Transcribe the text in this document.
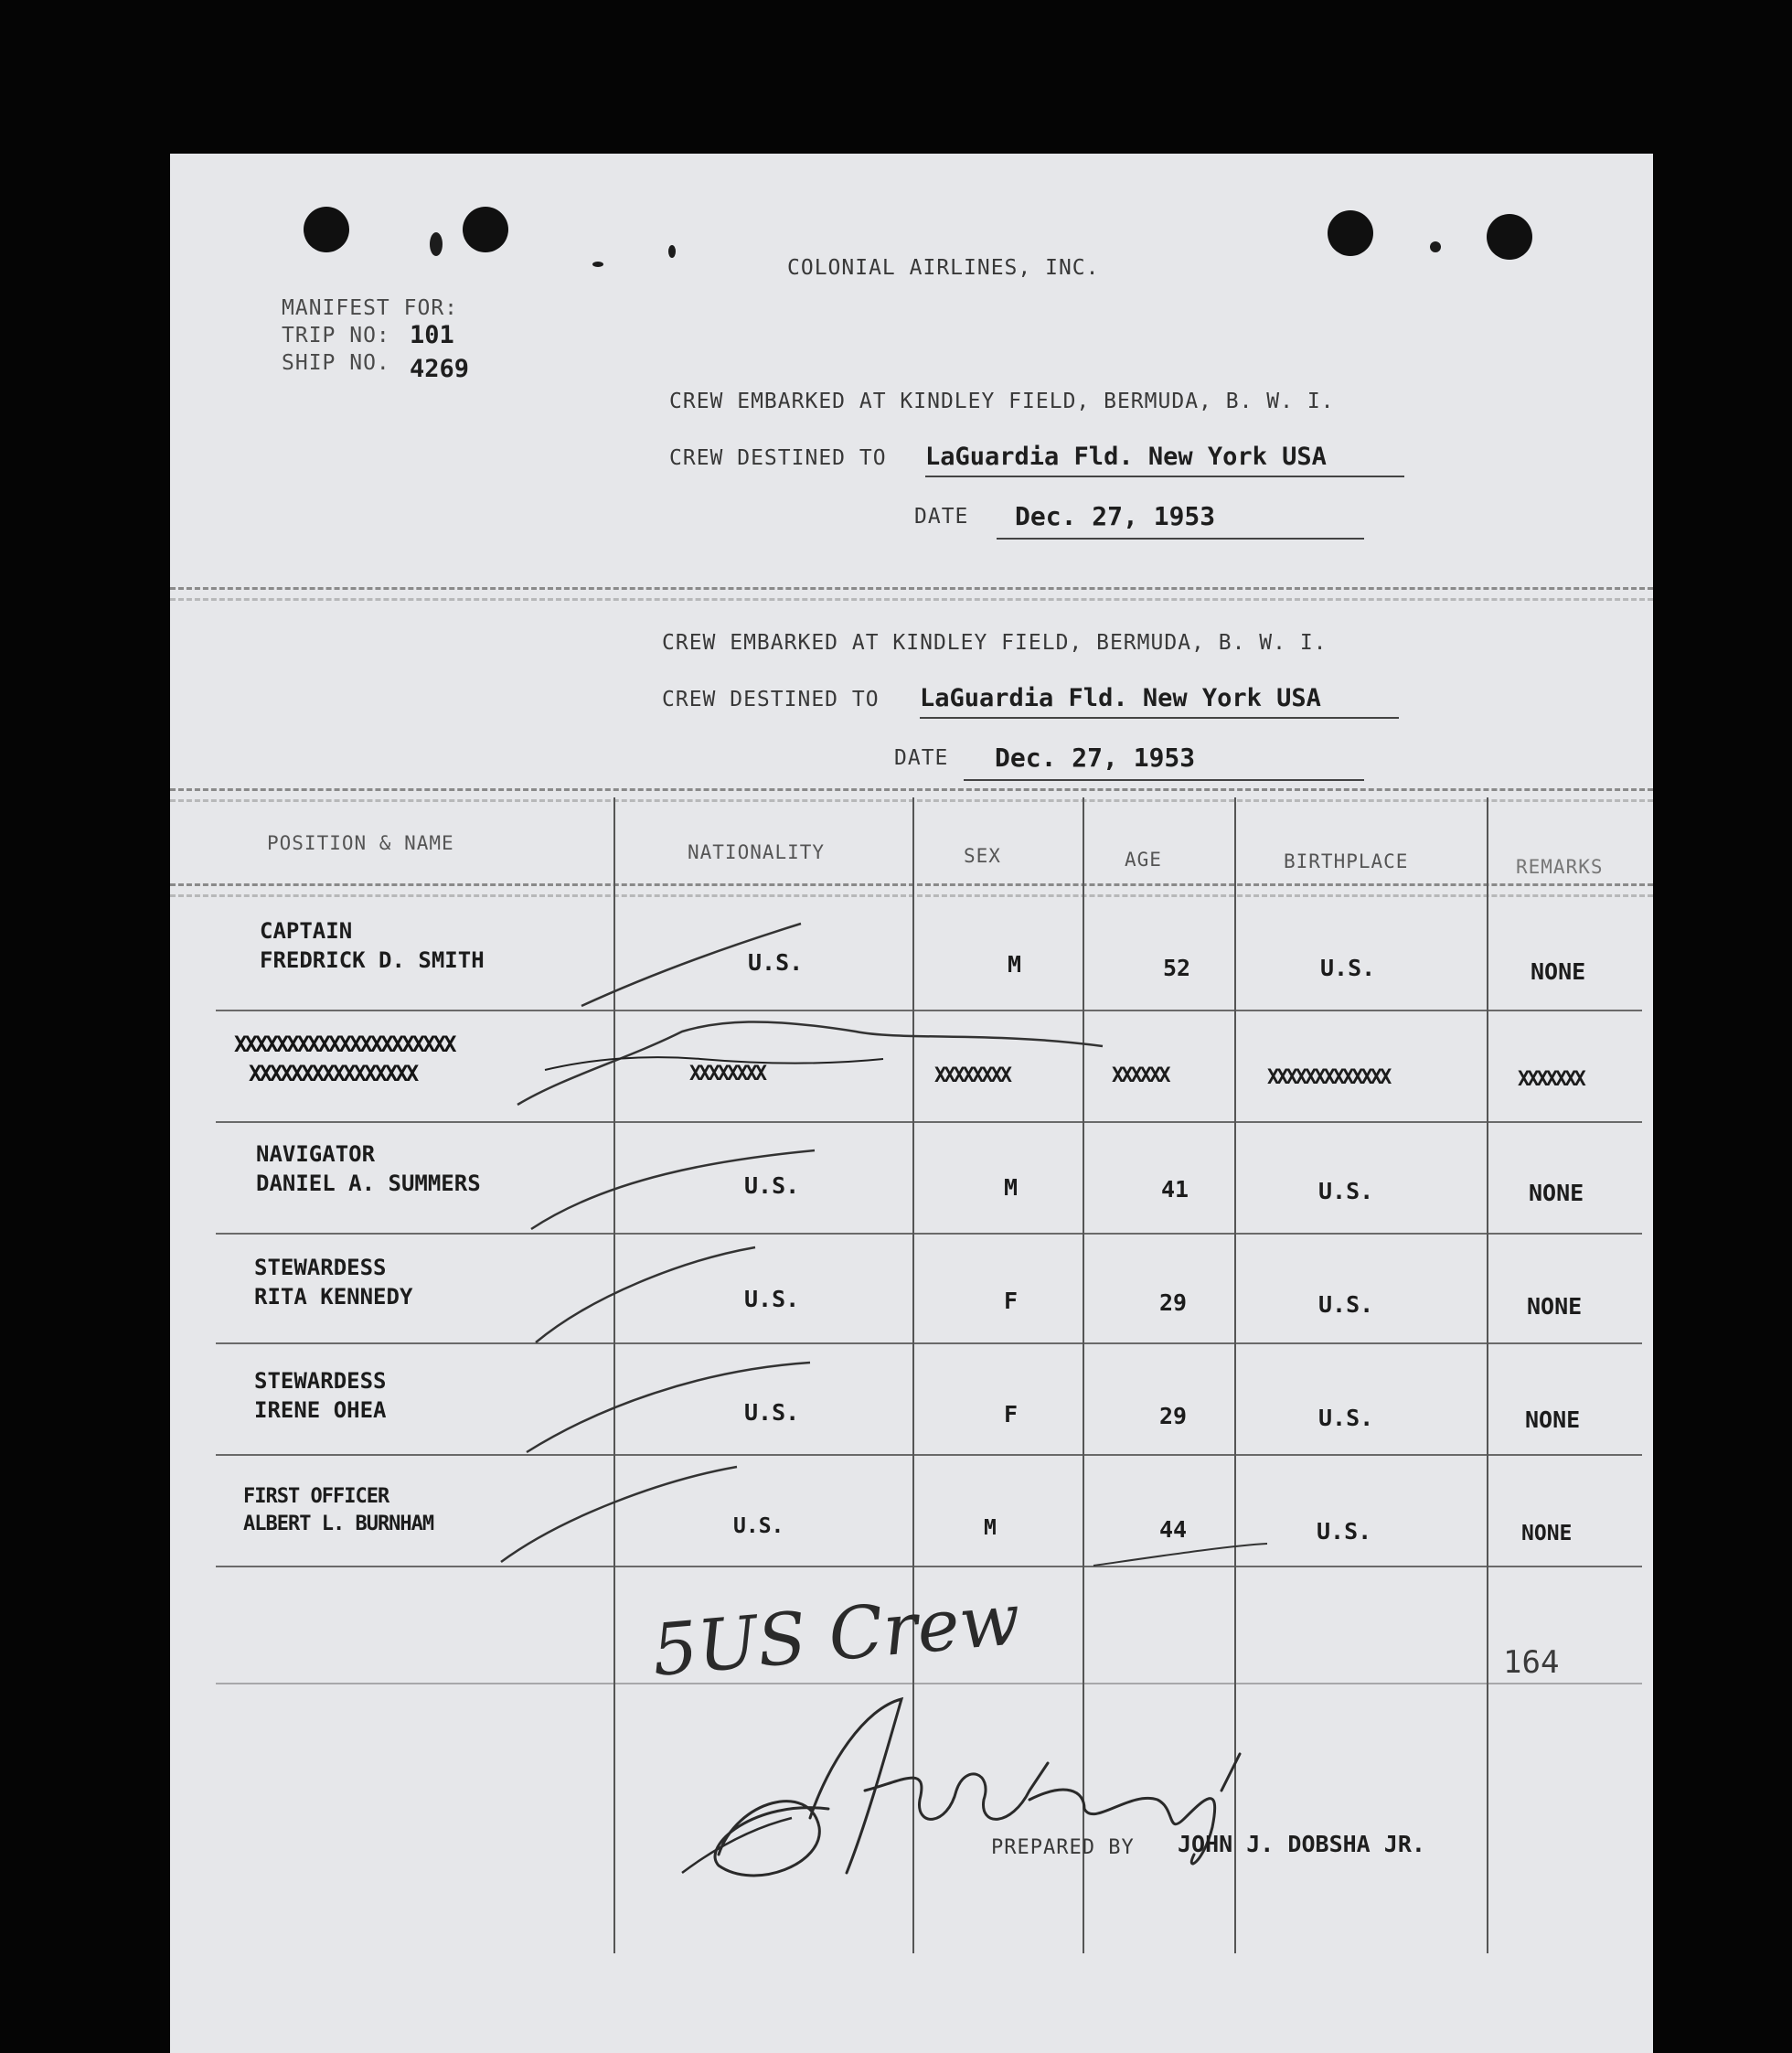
COLONIAL AIRLINES, INC.
MANIFEST FOR:
TRIP NO: 101
SHIP NO. 4269
CREW EMBARKED AT KINDLEY FIELD, BERMUDA, B. W. I.
CREW DESTINED TO LaGuardia Fld. New York USA
DATE Dec. 27, 1953
CREW EMBARKED AT KINDLEY FIELD, BERMUDA, B. W. I.
CREW DESTINED TO LaGuardia Fld. New York USA
DATE Dec. 27, 1953
POSITION & NAME	NATIONALITY	SEX	AGE	BIRTHPLACE	REMARKS
CAPTAIN
FREDRICK D. SMITH	U.S.	M	52	U.S.	NONE
XXXXXXXXXXXXXXXXXXXXX
XXXXXXXXXXXXXXXX	XXXXXXXX	XXXXXXXX	XXXXXX	XXXXXXXXXXXXX	XXXXXXX
NAVIGATOR
DANIEL A. SUMMERS	U.S.	M	41	U.S.	NONE
STEWARDESS
RITA KENNEDY	U.S.	F	29	U.S.	NONE
STEWARDESS
IRENE OHEA	U.S.	F	29	U.S.	NONE
FIRST OFFICER
ALBERT L. BURNHAM	U.S.	M	44	U.S.	NONE
164
5US Crew
PREPARED BY JOHN J. DOBSHA JR.
